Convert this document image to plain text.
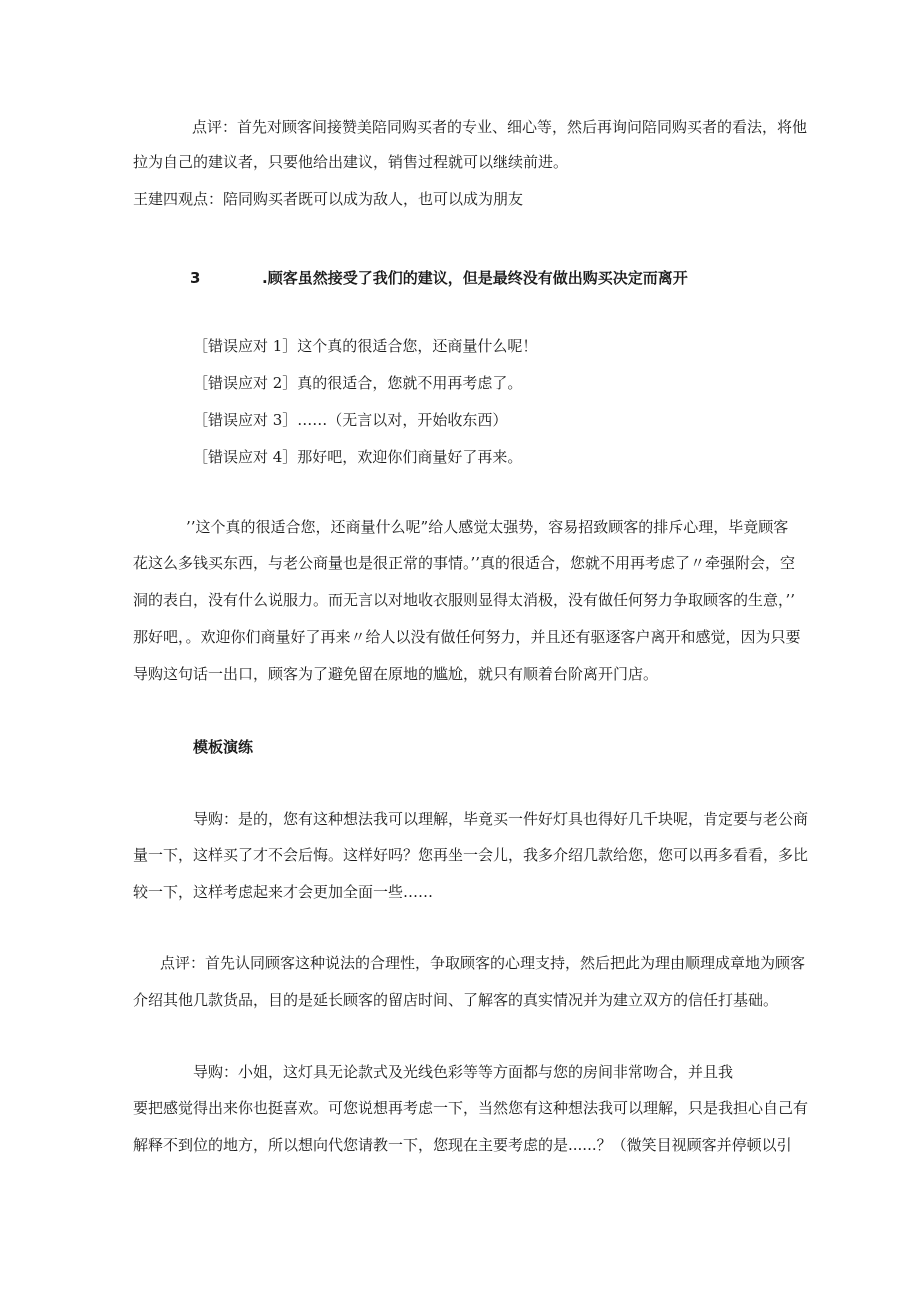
点评：首先对顾客间接赞美陪同购买者的专业、细心等，然后再询问陪同购买者的看法，将他
拉为自己的建议者，只要他给出建议，销售过程就可以继续前进。
王建四观点：陪同购买者既可以成为敌人，也可以成为朋友
3	.顾客虽然接受了我们的建议，但是最终没有做出购买决定而离开
［错误应对 1］这个真的很适合您，还商量什么呢！
［错误应对 2］真的很适合，您就不用再考虑了。
［错误应对 3］……（无言以对，开始收东西）
［错误应对 4］那好吧，欢迎你们商量好了再来。
’’这个真的很适合您，还商量什么呢”给人感觉太强势，容易招致顾客的排斥心理，毕竟顾客
花这么多钱买东西，与老公商量也是很正常的事情。’’真的很适合，您就不用再考虑了〃牵强附会，空
洞的表白，没有什么说服力。而无言以对地收衣服则显得太消极，没有做任何努力争取顾客的生意，’’
那好吧，。欢迎你们商量好了再来〃给人以没有做任何努力，并且还有驱逐客户离开和感觉，因为只要
导购这句话一出口，顾客为了避免留在原地的尴尬，就只有顺着台阶离开门店。
模板演练
导购：是的，您有这种想法我可以理解，毕竟买一件好灯具也得好几千块呢，肯定要与老公商
量一下，这样买了才不会后悔。这样好吗？您再坐一会儿，我多介绍几款给您，您可以再多看看，多比
较一下，这样考虑起来才会更加全面一些……
点评：首先认同顾客这种说法的合理性，争取顾客的心理支持，然后把此为理由顺理成章地为顾客
介绍其他几款货品，目的是延长顾客的留店时间、了解客的真实情况并为建立双方的信任打基础。
导购：小姐，这灯具无论款式及光线色彩等等方面都与您的房间非常吻合，并且我
要把感觉得出来你也挺喜欢。可您说想再考虑一下，当然您有这种想法我可以理解，只是我担心自己有
解释不到位的地方，所以想向代您请教一下，您现在主要考虑的是......？（微笑目视顾客并停顿以引
